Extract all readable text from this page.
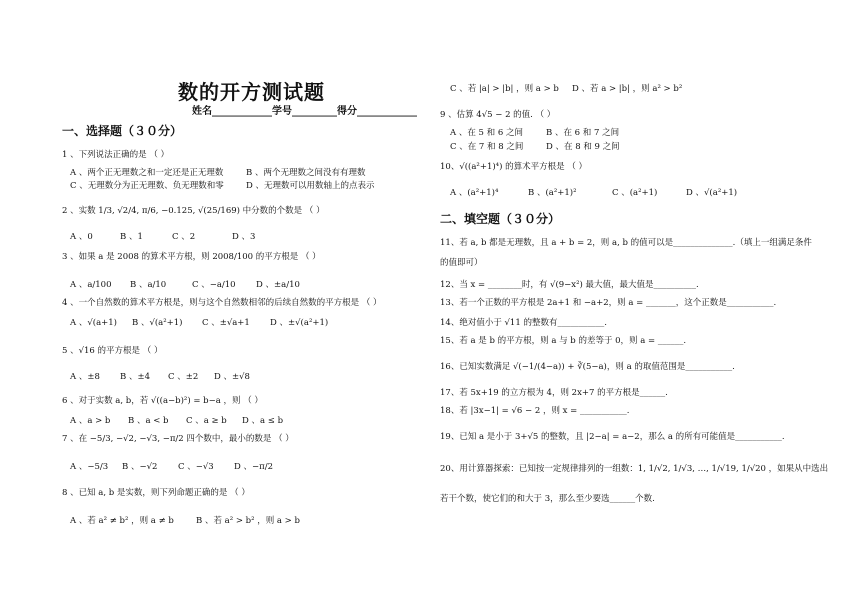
数的开方测试题
姓名____________学号_________得分____________
一、选择题（３０分）
1 、下列说法正确的是 （ ）
A 、两个正无理数之和一定还是正无理数	B 、两个无理数之间没有有理数
C 、无理数分为正无理数、负无理数和零	D 、无理数可以用数轴上的点表示
2 、实数 1/3, √2/4, π/6, −0.125, √(25/169) 中分数的个数是 （ ）
A 、0	B 、1	C 、2	D 、3
3 、如果 a 是 2008 的算术平方根，则 2008/100 的平方根是 （ ）
A 、a/100 B 、a/10	C 、−a/10 D 、±a/10
4 、一个自然数的算术平方根是，则与这个自然数相邻的后续自然数的平方根是 （ ）
A 、√(a+1) B 、√(a²+1) C 、±√a+1 D 、±√(a²+1)
5 、√16 的平方根是 （ ）
A 、±8 B 、±4 C 、±2 D 、±√8
6 、对于实数 a, b，若 √((a−b)²) = b−a ，则 （ ）
A 、a > b B 、a < b C 、a ≥ b D 、a ≤ b
7 、在 −5/3, −√2, −√3, −π/2 四个数中，最小的数是 （ ）
A 、−5/3 B 、−√2 C 、−√3 D 、−π/2
8 、已知 a, b 是实数，则下列命题正确的是 （ ）
A 、若 a² ≠ b² ，则 a ≠ b	B 、若 a² > b² ，则 a > b
C 、若 |a| > |b| ，则 a > b D 、若 a > |b| ，则 a² > b²
9 、估算 4√5 − 2 的值. （ ）
A 、在 5 和 6 之间	B 、在 6 和 7 之间
C 、在 7 和 8 之间	D 、在 8 和 9 之间
10、√((a²+1)⁴) 的算术平方根是 （ ）
A 、(a²+1)⁴	B 、(a²+1)²	C 、(a²+1)	D 、√(a²+1)
二、填空题（３０分）
11、若 a, b 都是无理数，且 a + b = 2，则 a, b 的值可以是______________.（填上一组满足条件
的值即可）
12、当 x = ________时，有 √(9−x²) 最大值，最大值是__________.
13、若一个正数的平方根是 2a+1 和 −a+2，则 a = _______，这个正数是___________.
14、绝对值小于 √11 的整数有___________.
15、若 a 是 b 的平方根，则 a 与 b 的差等于 0，则 a = ______.
16、已知实数满足 √(−1/(4−a)) + ∛(5−a)，则 a 的取值范围是___________.
17、若 5x+19 的立方根为 4，则 2x+7 的平方根是______.
18、若 |3x−1| = √6 − 2 ，则 x = ___________.
19、已知 a 是小于 3+√5 的整数，且 |2−a| = a−2，那么 a 的所有可能值是___________.
20、用计算器探索：已知按一定规律排列的一组数：1, 1/√2, 1/√3, …, 1/√19, 1/√20 ，如果从中选出
若干个数，使它们的和大于 3，那么至少要选______个数.
